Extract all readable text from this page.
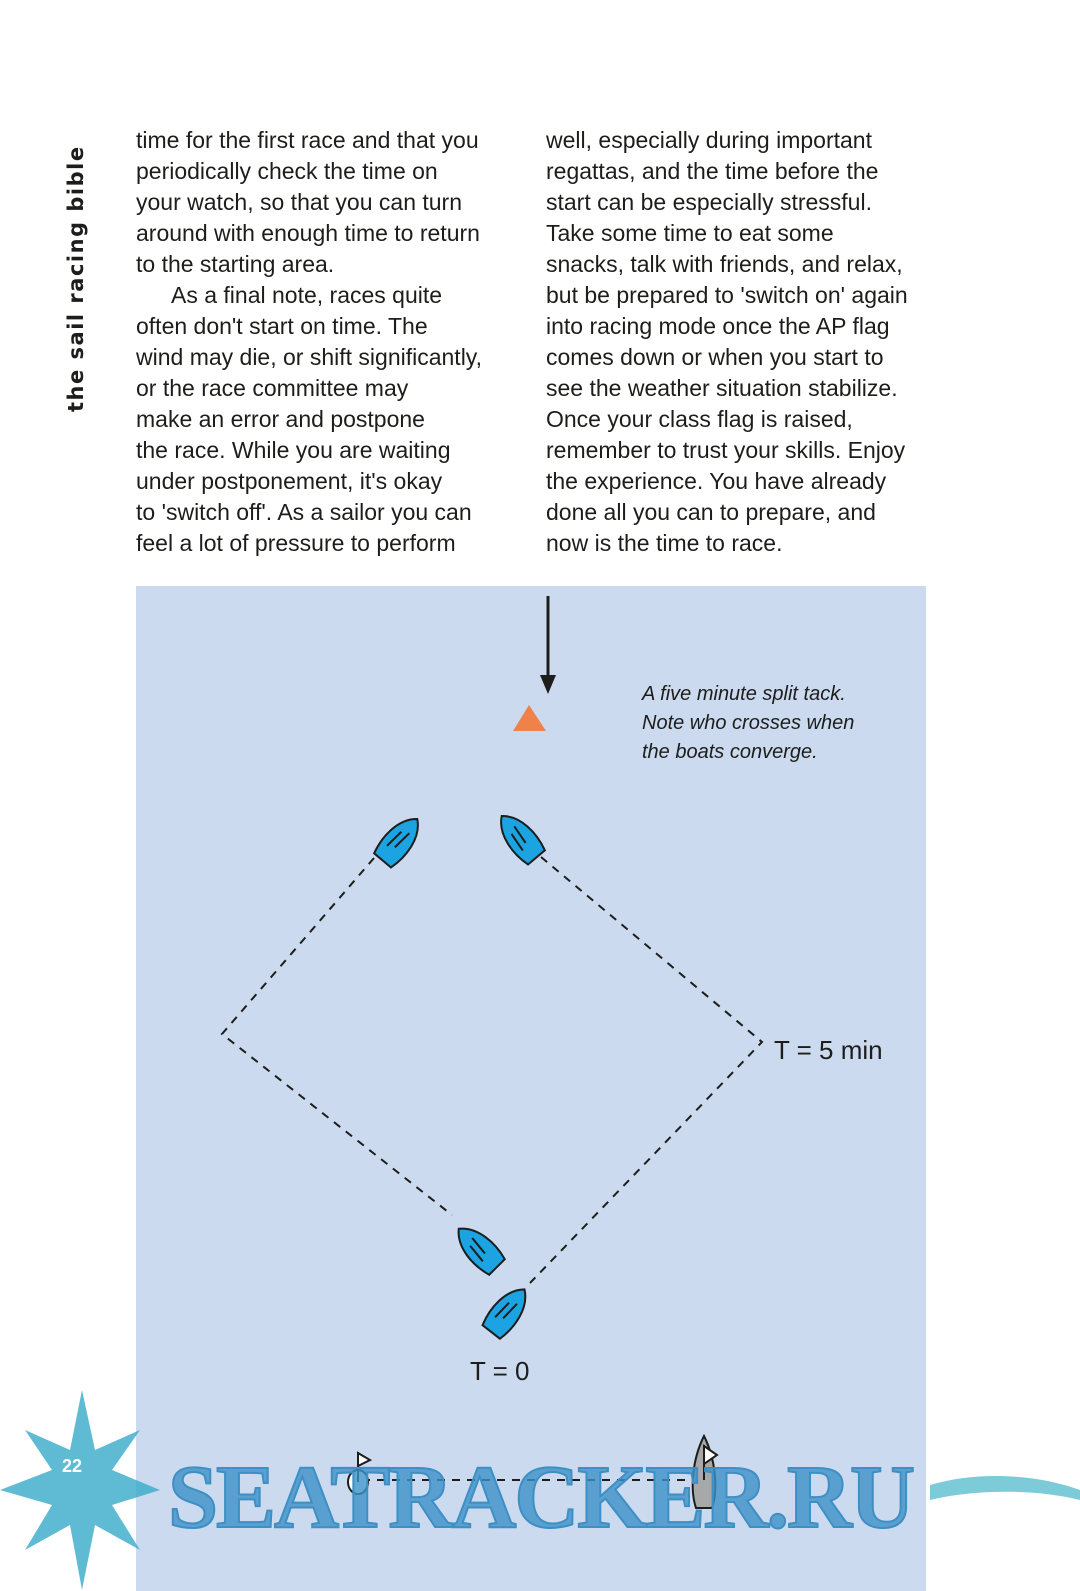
the sail racing bible
time for the first race and that you
periodically check the time on
your watch, so that you can turn
around with enough time to return
to the starting area.
As a final note, races quite
often don't start on time. The
wind may die, or shift significantly,
or the race committee may
make an error and postpone
the race. While you are waiting
under postponement, it's okay
to 'switch off'. As a sailor you can
feel a lot of pressure to perform
well, especially during important
regattas, and the time before the
start can be especially stressful.
Take some time to eat some
snacks, talk with friends, and relax,
but be prepared to 'switch on' again
into racing mode once the AP flag
comes down or when you start to
see the weather situation stabilize.
Once your class flag is raised,
remember to trust your skills. Enjoy
the experience. You have already
done all you can to prepare, and
now is the time to race.
22
A five minute split tack.
Note who crosses when
the boats converge.
T = 5 min
T = 0
SEATRACKER.RU
